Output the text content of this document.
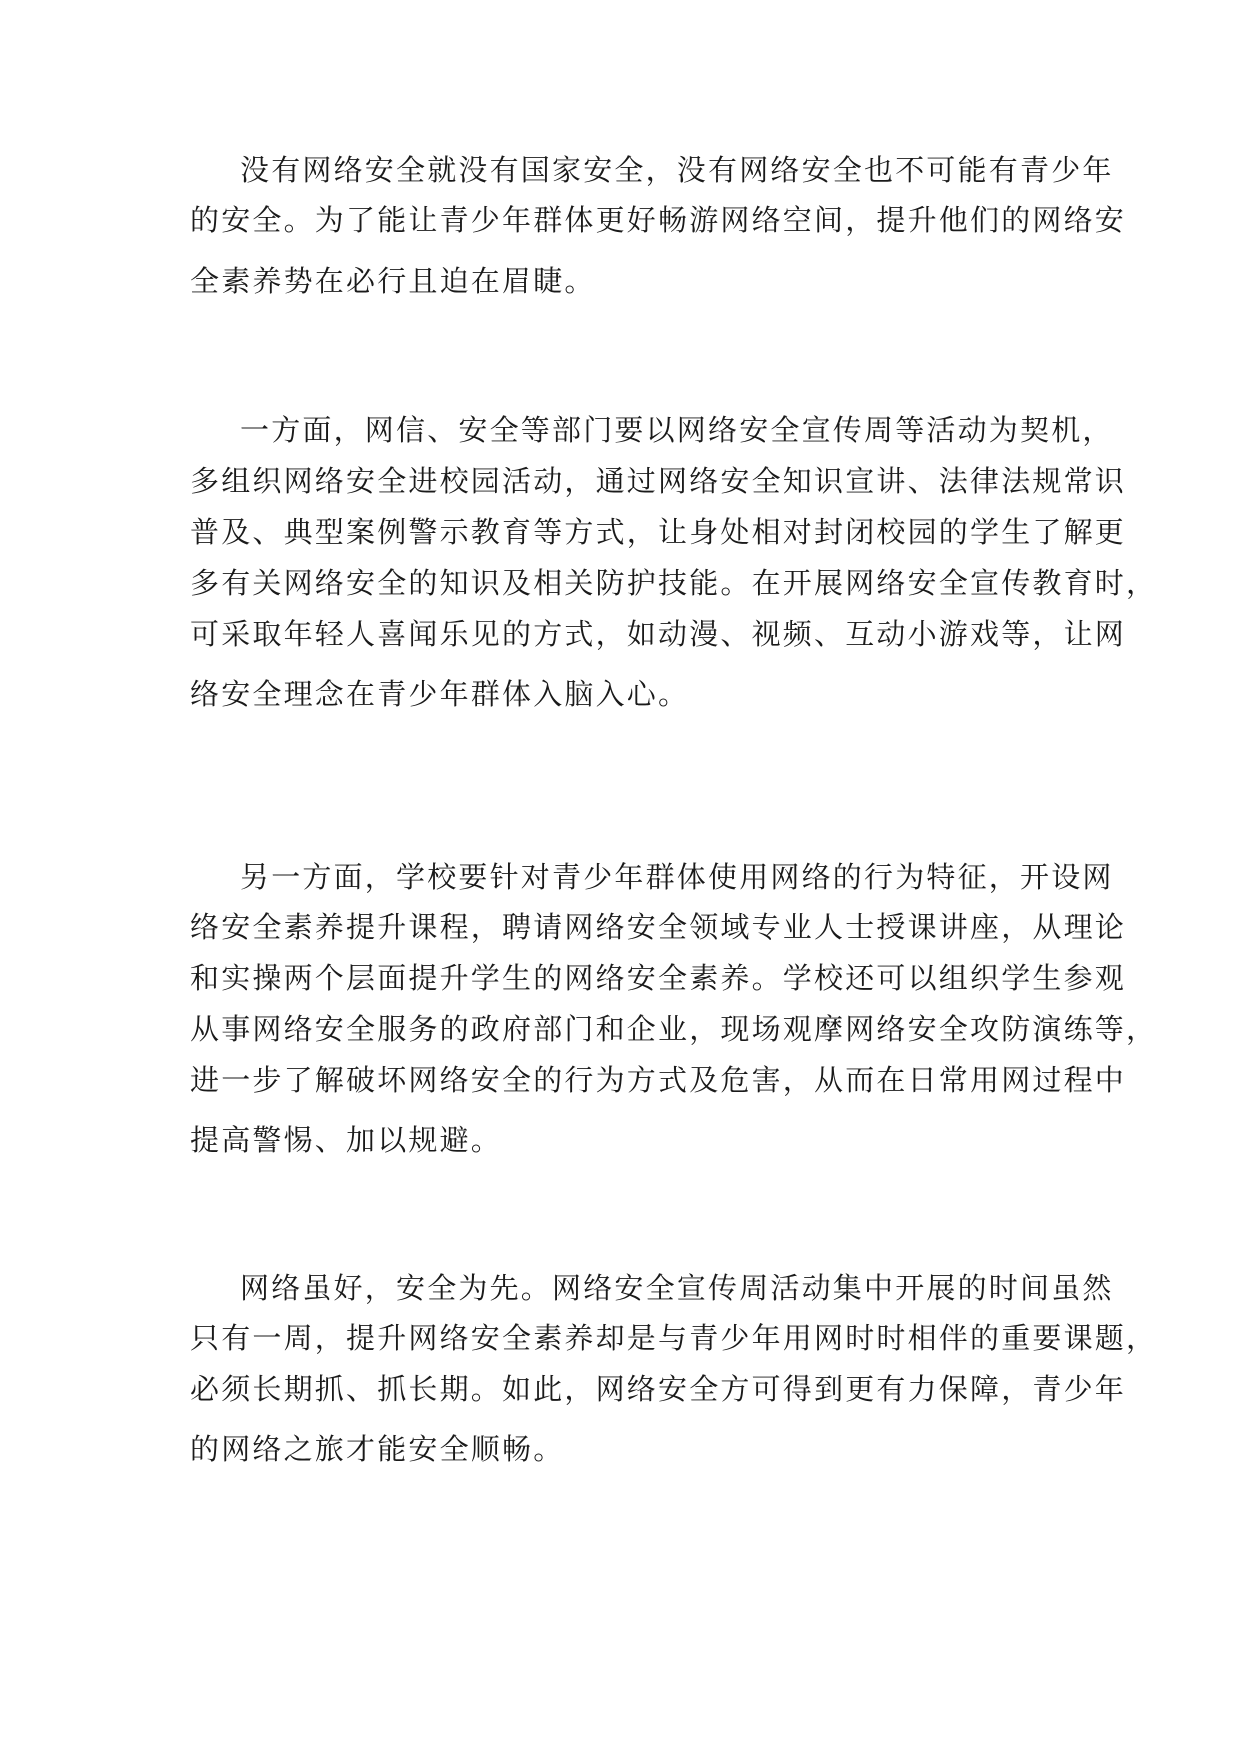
没有网络安全就没有国家安全，没有网络安全也不可能有青少年
的安全。为了能让青少年群体更好畅游网络空间，提升他们的网络安
全素养势在必行且迫在眉睫。
一方面，网信、安全等部门要以网络安全宣传周等活动为契机，
多组织网络安全进校园活动，通过网络安全知识宣讲、法律法规常识
普及、典型案例警示教育等方式，让身处相对封闭校园的学生了解更
多有关网络安全的知识及相关防护技能。在开展网络安全宣传教育时，
可采取年轻人喜闻乐见的方式，如动漫、视频、互动小游戏等，让网
络安全理念在青少年群体入脑入心。
另一方面，学校要针对青少年群体使用网络的行为特征，开设网
络安全素养提升课程，聘请网络安全领域专业人士授课讲座，从理论
和实操两个层面提升学生的网络安全素养。学校还可以组织学生参观
从事网络安全服务的政府部门和企业，现场观摩网络安全攻防演练等，
进一步了解破坏网络安全的行为方式及危害，从而在日常用网过程中
提高警惕、加以规避。
网络虽好，安全为先。网络安全宣传周活动集中开展的时间虽然
只有一周，提升网络安全素养却是与青少年用网时时相伴的重要课题，
必须长期抓、抓长期。如此，网络安全方可得到更有力保障，青少年
的网络之旅才能安全顺畅。
